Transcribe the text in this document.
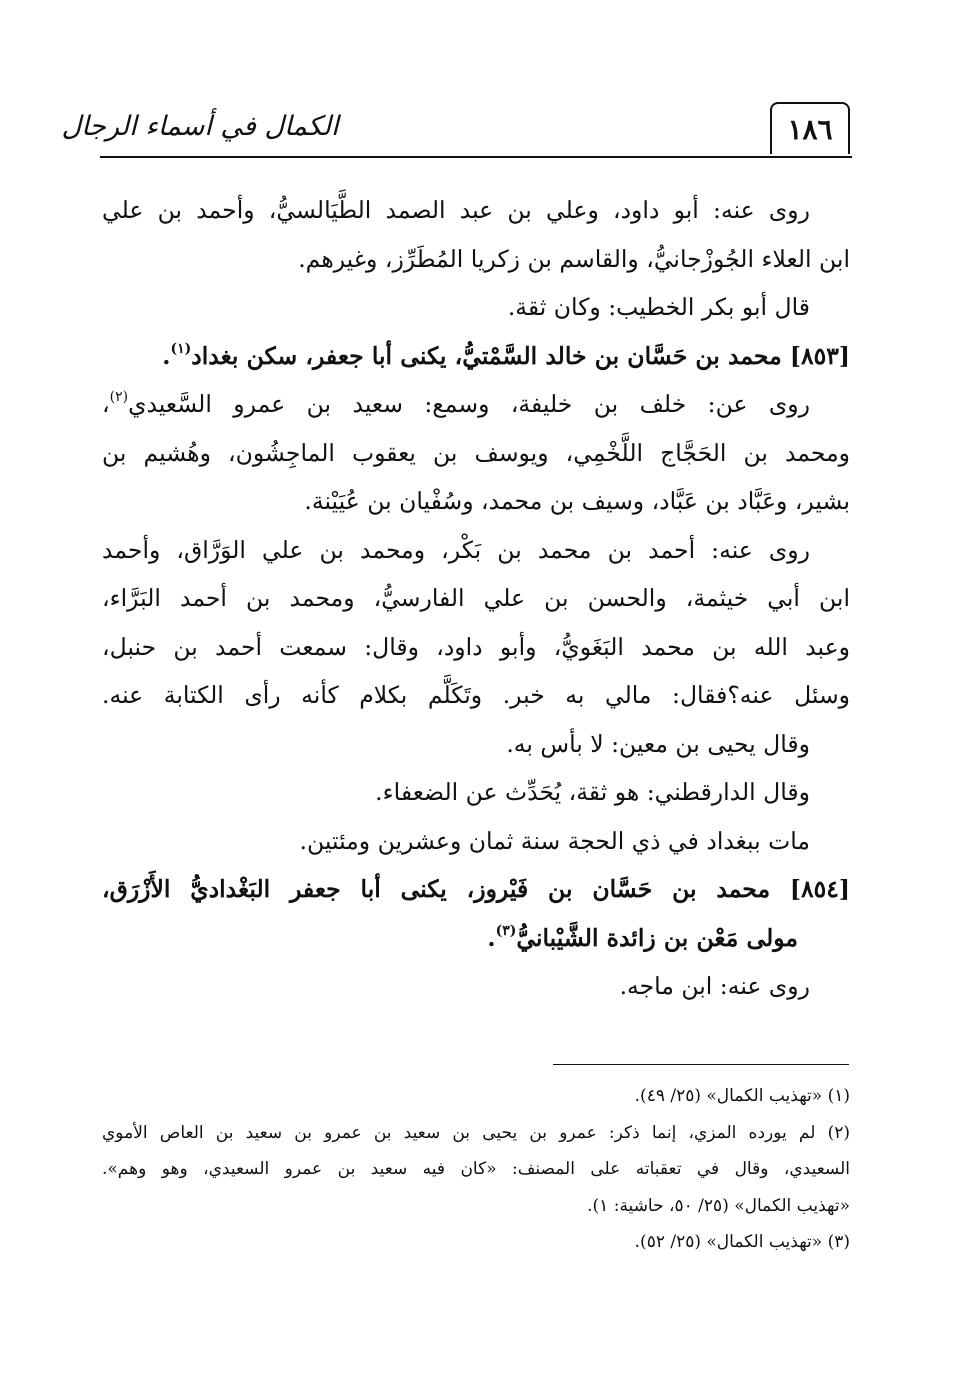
الكمال في أسماء الرجال	١٨٦
روى عنه: أبو داود، وعلي بن عبد الصمد الطَّيَالسيُّ، وأحمد بن علي
ابن العلاء الجُوزْجانيُّ، والقاسم بن زكريا المُطَرِّز، وغيرهم.
قال أبو بكر الخطيب: وكان ثقة.
[٨٥٣] محمد بن حَسَّان بن خالد السَّمْتيُّ، يكنى أبا جعفر، سكن بغداد$^{(١)}$.
روى عن: خلف بن خليفة، وسمع: سعيد بن عمرو السَّعيدي$^{(٢)}$،
ومحمد بن الحَجَّاج اللَّخْمِي، ويوسف بن يعقوب الماجِشُون، وهُشيم بن
بشير، وعَبَّاد بن عَبَّاد، وسيف بن محمد، وسُفْيان بن عُيَيْنة.
روى عنه: أحمد بن محمد بن بَكْر، ومحمد بن علي الوَرَّاق، وأحمد
ابن أبي خيثمة، والحسن بن علي الفارسيُّ، ومحمد بن أحمد البَرَّاء،
وعبد الله بن محمد البَغَويُّ، وأبو داود، وقال: سمعت أحمد بن حنبل،
وسئل عنه؟فقال: مالي به خبر. وتَكَلَّم بكلام كأنه رأى الكتابة عنه.
وقال يحيى بن معين: لا بأس به.
وقال الدارقطني: هو ثقة، يُحَدِّث عن الضعفاء.
مات ببغداد في ذي الحجة سنة ثمان وعشرين ومئتين.
[٨٥٤] محمد بن حَسَّان بن فَيْروز، يكنى أبا جعفر البَغْداديُّ الأَزْرَق،
مولى مَعْن بن زائدة الشَّيْبانيُّ$^{(٣)}$.
روى عنه: ابن ماجه.
(١) «تهذيب الكمال» (٢٥/ ٤٩).
(٢) لم يورده المزي، إنما ذكر: عمرو بن يحيى بن سعيد بن عمرو بن سعيد بن العاص الأموي
السعيدي، وقال في تعقباته على المصنف: «كان فيه سعيد بن عمرو السعيدي، وهو وهم».
«تهذيب الكمال» (٢٥/ ٥٠، حاشية: ١).
(٣) «تهذيب الكمال» (٢٥/ ٥٢).
